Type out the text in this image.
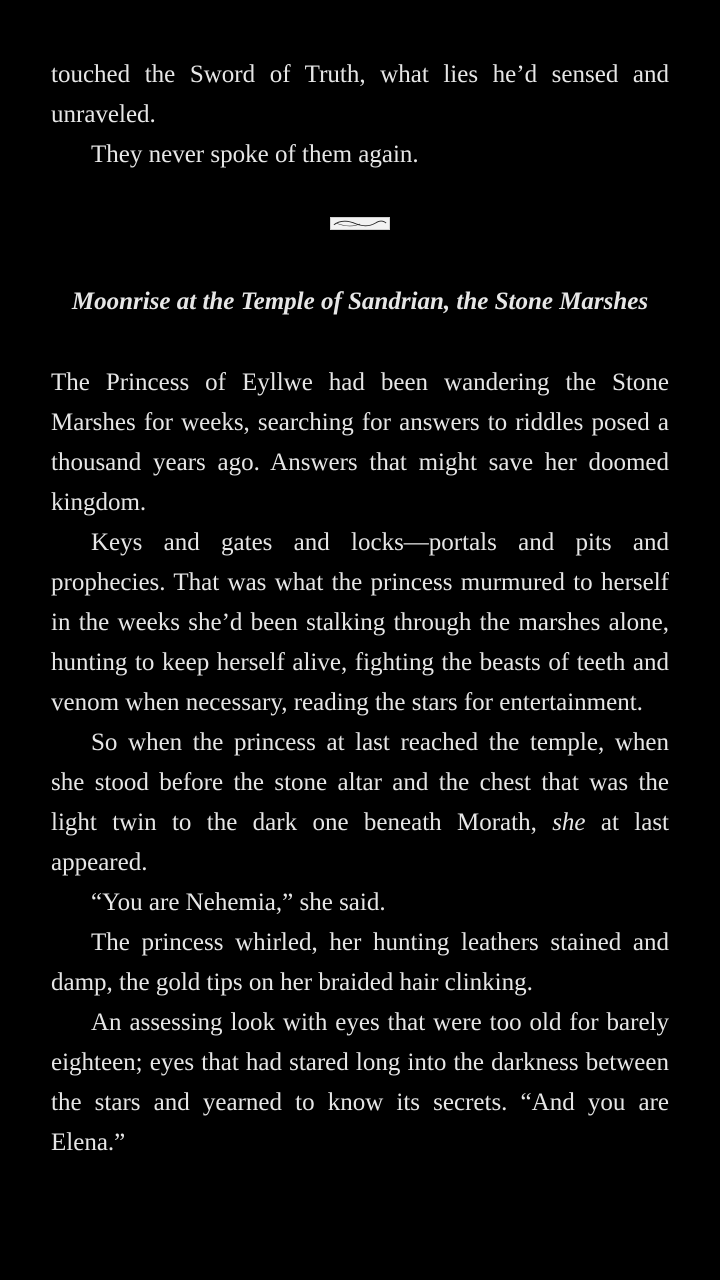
touched the Sword of Truth, what lies he’d sensed and unraveled.

They never spoke of them again.

Moonrise at the Temple of Sandrian, the Stone Marshes

The Princess of Eyllwe had been wandering the Stone Marshes for weeks, searching for answers to riddles posed a thousand years ago. Answers that might save her doomed kingdom.

Keys and gates and locks—portals and pits and prophecies. That was what the princess murmured to herself in the weeks she’d been stalking through the marshes alone, hunting to keep herself alive, fighting the beasts of teeth and venom when necessary, reading the stars for entertainment.

So when the princess at last reached the temple, when she stood before the stone altar and the chest that was the light twin to the dark one beneath Morath, she at last appeared.

“You are Nehemia,” she said.

The princess whirled, her hunting leathers stained and damp, the gold tips on her braided hair clinking.

An assessing look with eyes that were too old for barely eighteen; eyes that had stared long into the darkness between the stars and yearned to know its secrets. “And you are Elena.”
